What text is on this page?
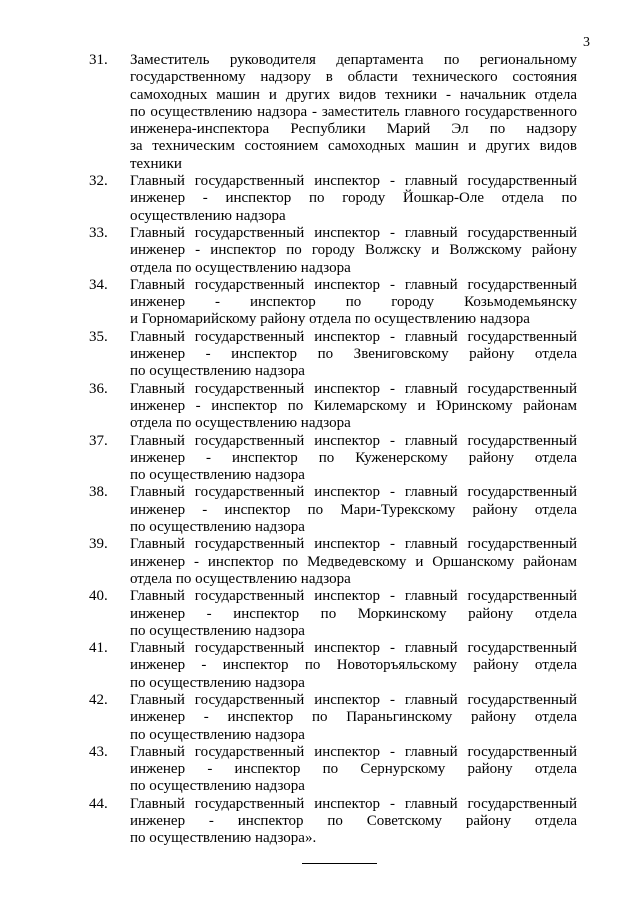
3
31.	Заместитель руководителя департамента по региональному
государственному надзору в области технического состояния
самоходных машин и других видов техники - начальник отдела
по осуществлению надзора - заместитель главного государственного
инженера-инспектора Республики Марий Эл по надзору
за техническим состоянием самоходных машин и других видов
техники
32.	Главный государственный инспектор - главный государственный
инженер - инспектор по городу Йошкар-Оле отдела по
осуществлению надзора
33.	Главный государственный инспектор - главный государственный
инженер - инспектор по городу Волжску и Волжскому району
отдела по осуществлению надзора
34.	Главный государственный инспектор - главный государственный
инженер - инспектор по городу Козьмодемьянску
и Горномарийскому району отдела по осуществлению надзора
35.	Главный государственный инспектор - главный государственный
инженер - инспектор по Звениговскому району отдела
по осуществлению надзора
36.	Главный государственный инспектор - главный государственный
инженер - инспектор по Килемарскому и Юринскому районам
отдела по осуществлению надзора
37.	Главный государственный инспектор - главный государственный
инженер - инспектор по Куженерскому району отдела
по осуществлению надзора
38.	Главный государственный инспектор - главный государственный
инженер - инспектор по Мари-Турекскому району отдела
по осуществлению надзора
39.	Главный государственный инспектор - главный государственный
инженер - инспектор по Медведевскому и Оршанскому районам
отдела по осуществлению надзора
40.	Главный государственный инспектор - главный государственный
инженер - инспектор по Моркинскому району отдела
по осуществлению надзора
41.	Главный государственный инспектор - главный государственный
инженер - инспектор по Новоторъяльскому району отдела
по осуществлению надзора
42.	Главный государственный инспектор - главный государственный
инженер - инспектор по Параньгинскому району отдела
по осуществлению надзора
43.	Главный государственный инспектор - главный государственный
инженер - инспектор по Сернурскому району отдела
по осуществлению надзора
44.	Главный государственный инспектор - главный государственный
инженер - инспектор по Советскому району отдела
по осуществлению надзора».
